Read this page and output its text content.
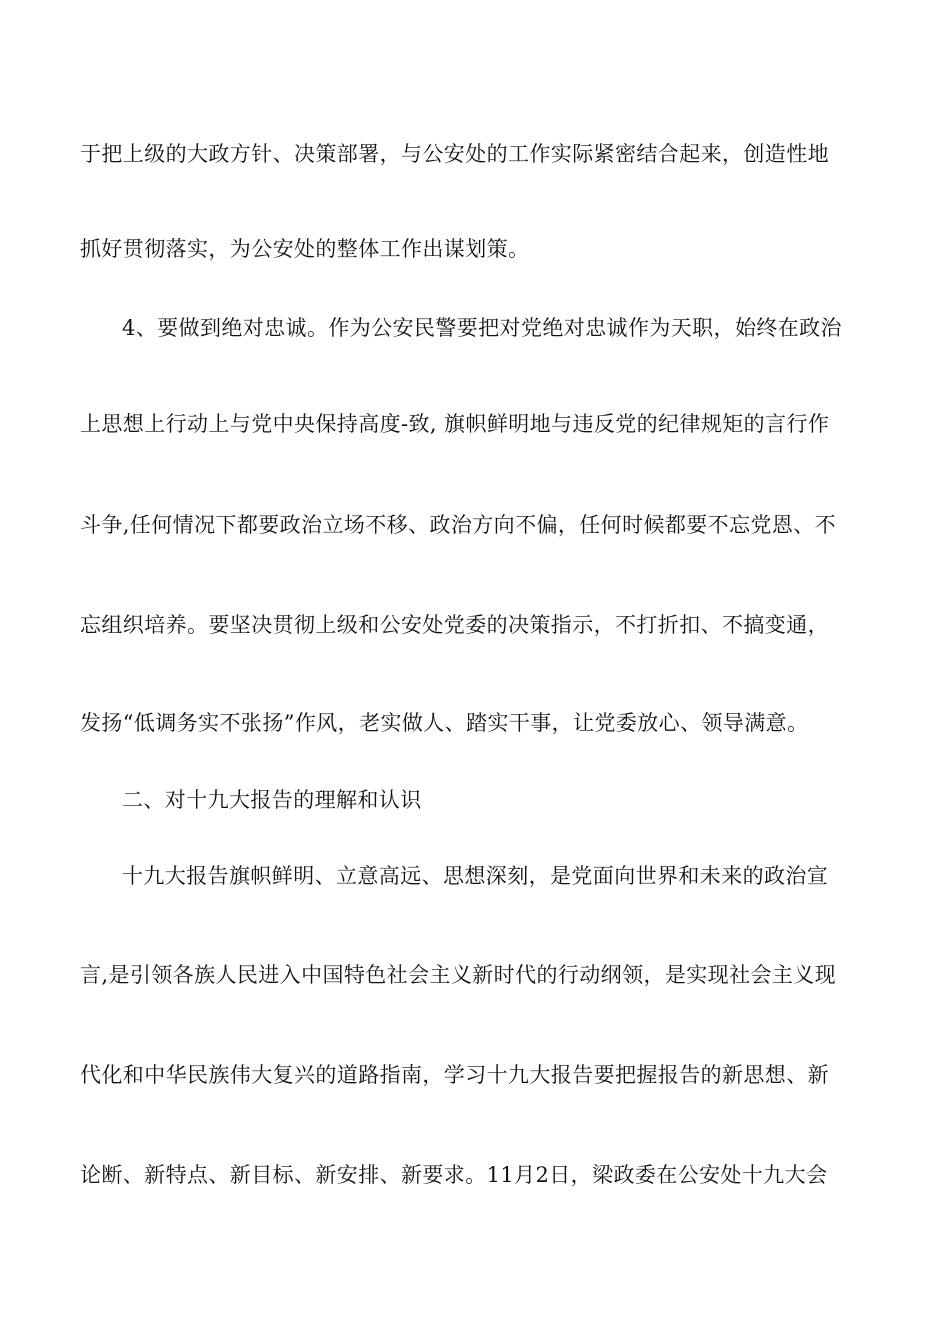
于把上级的大政方针、决策部署，与公安处的工作实际紧密结合起来，创造性地
抓好贯彻落实，为公安处的整体工作出谋划策。
4、要做到绝对忠诚。作为公安民警要把对党绝对忠诚作为天职，始终在政治
上思想上行动上与党中央保持高度-致, 旗帜鲜明地与违反党的纪律规矩的言行作
斗争,任何情况下都要政治立场不移、政治方向不偏，任何时候都要不忘党恩、不
忘组织培养。要坚决贯彻上级和公安处党委的决策指示，不打折扣、不搞变通，
发扬“低调务实不张扬”作风，老实做人、踏实干事，让党委放心、领导满意。
二、对十九大报告的理解和认识
十九大报告旗帜鲜明、立意高远、思想深刻，是党面向世界和未来的政治宣
言,是引领各族人民进入中国特色社会主义新时代的行动纲领，是实现社会主义现
代化和中华民族伟大复兴的道路指南，学习十九大报告要把握报告的新思想、新
论断、新特点、新目标、新安排、新要求。11月2日，梁政委在公安处十九大会
